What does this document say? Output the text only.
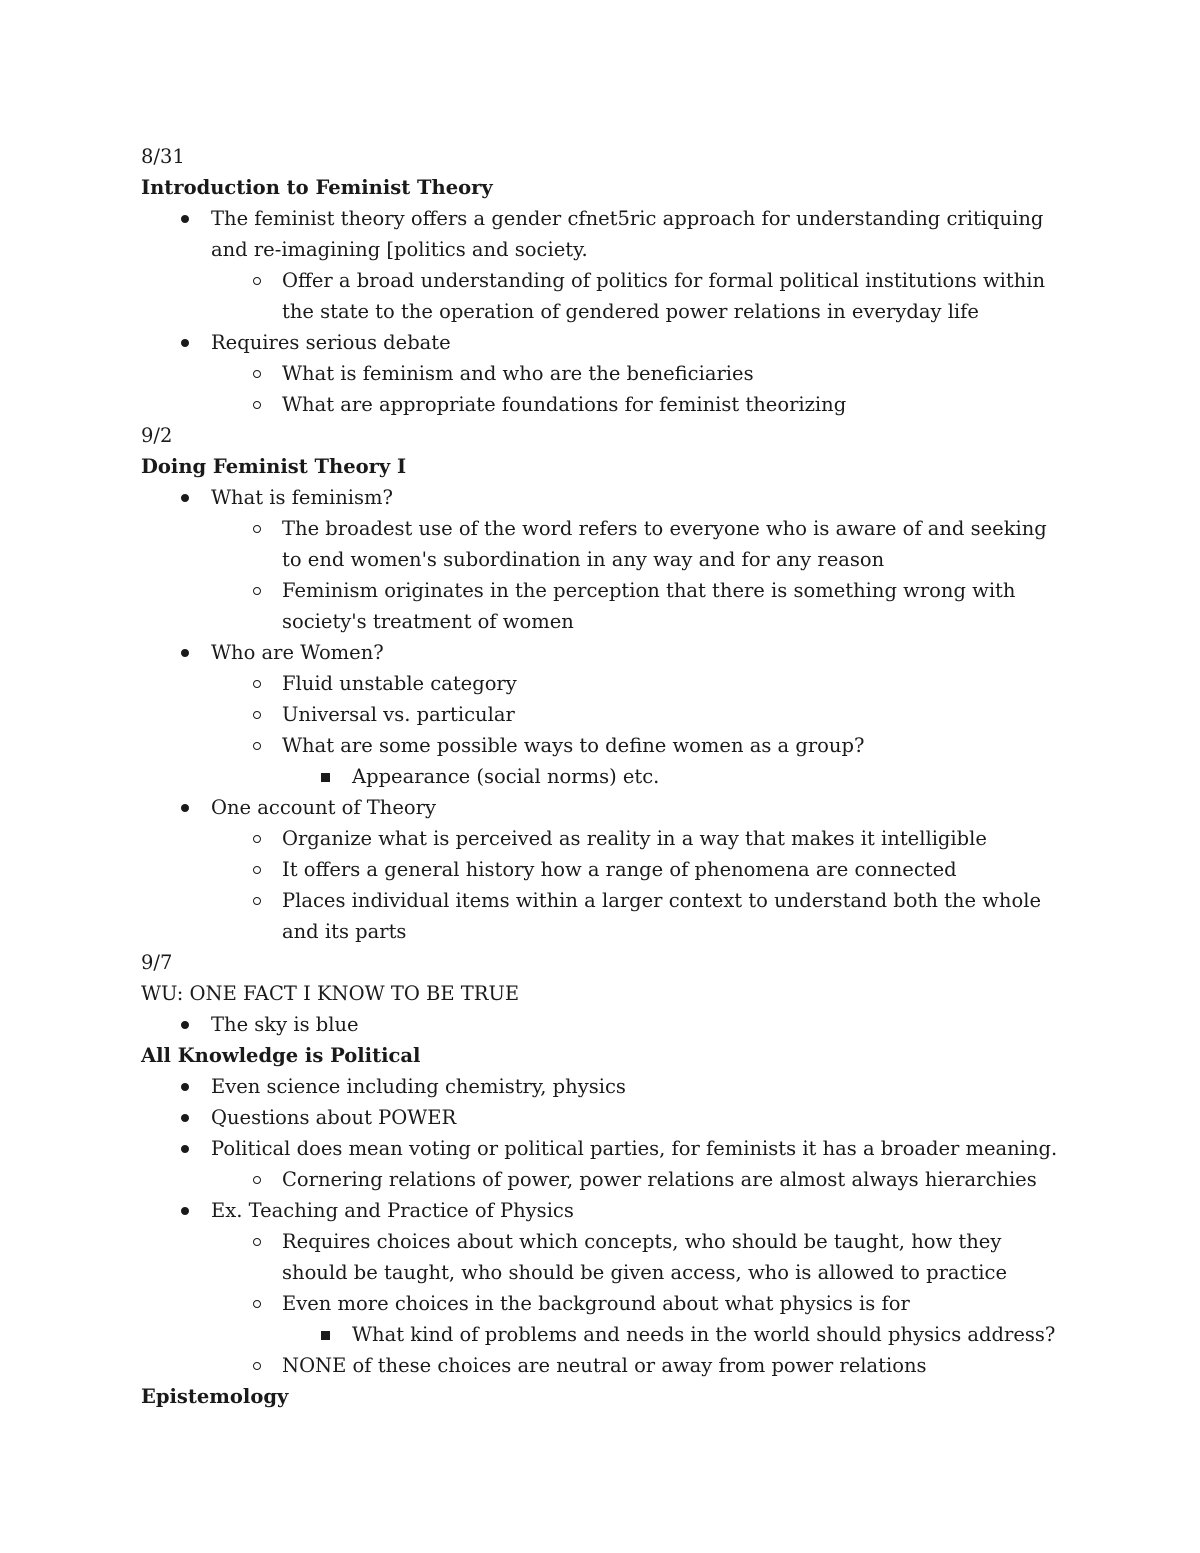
8/31
Introduction to Feminist Theory
The feminist theory offers a gender cfnet5ric approach for understanding critiquing and re-imagining [politics and society.
Offer a broad understanding of politics for formal political institutions within the state to the operation of gendered power relations in everyday life
Requires serious debate
What is feminism and who are the beneficiaries
What are appropriate foundations for feminist theorizing
9/2
Doing Feminist Theory I
What is feminism?
The broadest use of the word refers to everyone who is aware of and seeking to end women's subordination in any way and for any reason
Feminism originates in the perception that there is something wrong with society's treatment of women
Who are Women?
Fluid unstable category
Universal vs. particular
What are some possible ways to define women as a group?
Appearance (social norms) etc.
One account of Theory
Organize what is perceived as reality in a way that makes it intelligible
It offers a general history how a range of phenomena are connected
Places individual items within a larger context to understand both the whole and its parts
9/7
WU: ONE FACT I KNOW TO BE TRUE
The sky is blue
All Knowledge is Political
Even science including chemistry, physics
Questions about POWER
Political does mean voting or political parties, for feminists it has a broader meaning.
Cornering relations of power, power relations are almost always hierarchies
Ex. Teaching and Practice of Physics
Requires choices about which concepts, who should be taught, how they should be taught, who should be given access, who is allowed to practice
Even more choices in the background about what physics is for
What kind of problems and needs in the world should physics address?
NONE of these choices are neutral or away from power relations
Epistemology
